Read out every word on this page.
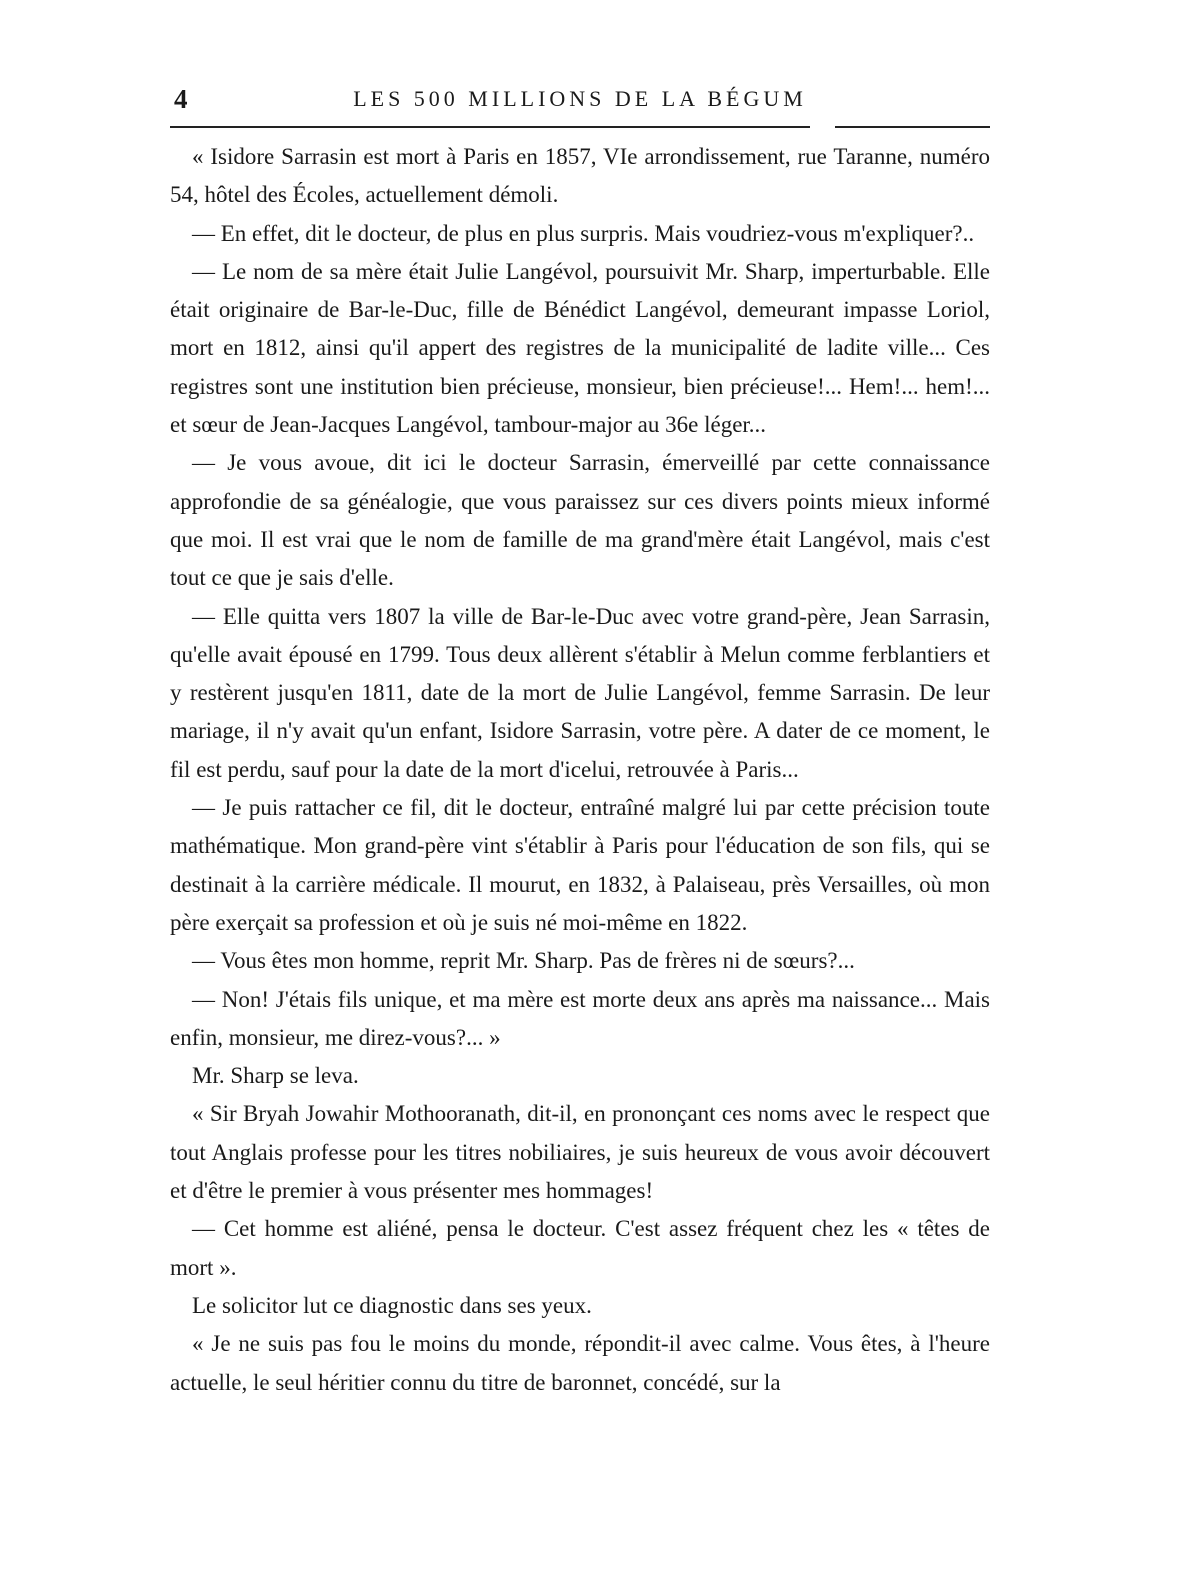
4	LES 500 MILLIONS DE LA BÉGUM

« Isidore Sarrasin est mort à Paris en 1857, VIe arrondissement, rue Taranne, numéro 54, hôtel des Écoles, actuellement démoli.

— En effet, dit le docteur, de plus en plus surpris. Mais voudriez-vous m'expliquer?..

— Le nom de sa mère était Julie Langévol, poursuivit Mr. Sharp, imperturbable. Elle était originaire de Bar-le-Duc, fille de Bénédict Langévol, demeurant impasse Loriol, mort en 1812, ainsi qu'il appert des registres de la municipalité de ladite ville... Ces registres sont une institution bien précieuse, monsieur, bien précieuse!... Hem!... hem!... et sœur de Jean-Jacques Langévol, tambour-major au 36e léger...

— Je vous avoue, dit ici le docteur Sarrasin, émerveillé par cette connaissance approfondie de sa généalogie, que vous paraissez sur ces divers points mieux informé que moi. Il est vrai que le nom de famille de ma grand'mère était Langévol, mais c'est tout ce que je sais d'elle.

— Elle quitta vers 1807 la ville de Bar-le-Duc avec votre grand-père, Jean Sarrasin, qu'elle avait épousé en 1799. Tous deux allèrent s'établir à Melun comme ferblantiers et y restèrent jusqu'en 1811, date de la mort de Julie Langévol, femme Sarrasin. De leur mariage, il n'y avait qu'un enfant, Isidore Sarrasin, votre père. A dater de ce moment, le fil est perdu, sauf pour la date de la mort d'icelui, retrouvée à Paris...

— Je puis rattacher ce fil, dit le docteur, entraîné malgré lui par cette précision toute mathématique. Mon grand-père vint s'établir à Paris pour l'éducation de son fils, qui se destinait à la carrière médicale. Il mourut, en 1832, à Palaiseau, près Versailles, où mon père exerçait sa profession et où je suis né moi-même en 1822.

— Vous êtes mon homme, reprit Mr. Sharp. Pas de frères ni de sœurs?...

— Non! J'étais fils unique, et ma mère est morte deux ans après ma naissance... Mais enfin, monsieur, me direz-vous?... »

Mr. Sharp se leva.

« Sir Bryah Jowahir Mothooranath, dit-il, en prononçant ces noms avec le respect que tout Anglais professe pour les titres nobiliaires, je suis heureux de vous avoir découvert et d'être le premier à vous présenter mes hommages!

— Cet homme est aliéné, pensa le docteur. C'est assez fréquent chez les « têtes de mort ».

Le solicitor lut ce diagnostic dans ses yeux.

« Je ne suis pas fou le moins du monde, répondit-il avec calme. Vous êtes, à l'heure actuelle, le seul héritier connu du titre de baronnet, concédé, sur la
